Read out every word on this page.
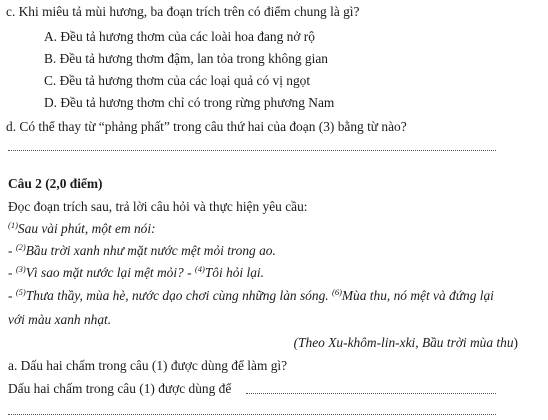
c. Khi miêu tả mùi hương, ba đoạn trích trên có điểm chung là gì?
A. Đều tả hương thơm của các loài hoa đang nở rộ
B. Đều tả hương thơm đậm, lan tỏa trong không gian
C. Đều tả hương thơm của các loại quả có vị ngọt
D. Đều tả hương thơm chỉ có trong rừng phương Nam
d. Có thể thay từ “phảng phất” trong câu thứ hai của đoạn (3) bằng từ nào?
Câu 2 (2,0 điểm)
Đọc đoạn trích sau, trả lời câu hỏi và thực hiện yêu cầu:
$^{(1)}$Sau vài phút, một em nói:
- $^{(2)}$Bầu trời xanh như mặt nước mệt mỏi trong ao.
- $^{(3)}$Vì sao mặt nước lại mệt mỏi? - $^{(4)}$Tôi hỏi lại.
- $^{(5)}$Thưa thầy, mùa hè, nước dạo chơi cùng những làn sóng. $^{(6)}$Mùa thu, nó mệt và đứng lại
với màu xanh nhạt.
(Theo Xu-khôm-lin-xki, Bầu trời mùa thu)
a. Dấu hai chấm trong câu (1) được dùng để làm gì?
Dấu hai chấm trong câu (1) được dùng để
